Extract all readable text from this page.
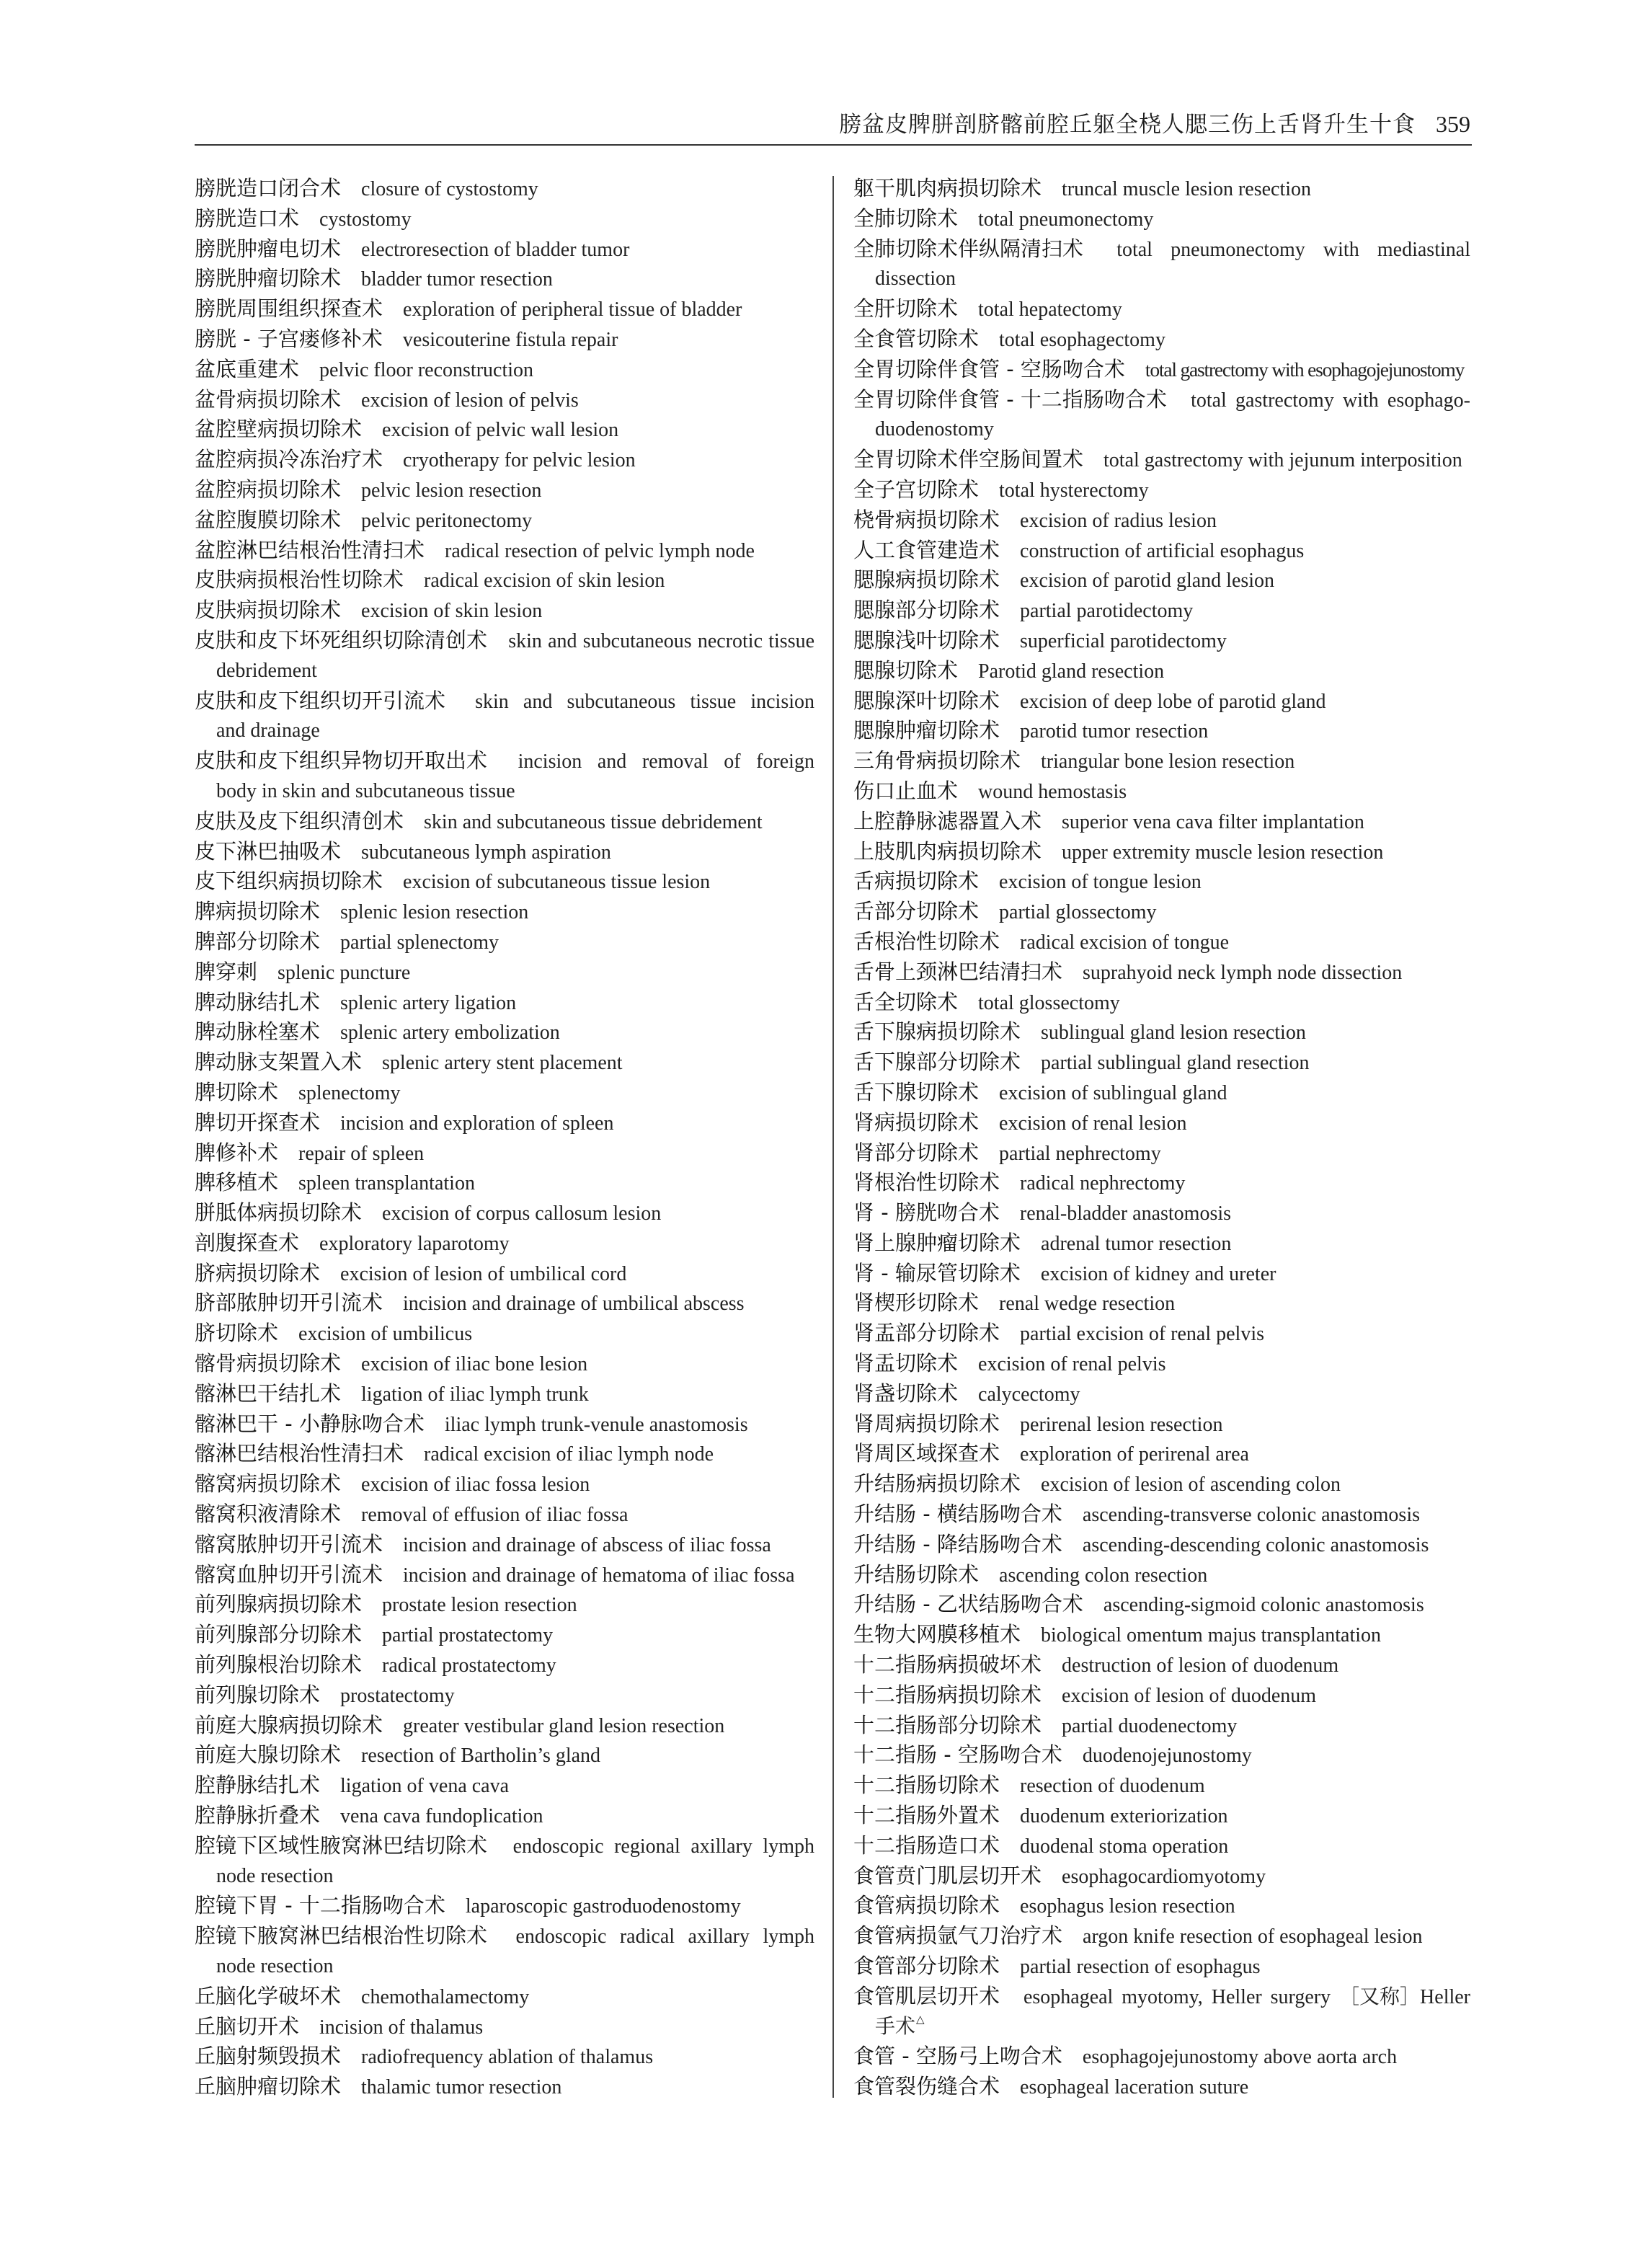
膀盆皮脾胼剖脐髂前腔丘躯全桡人腮三伤上舌肾升生十食 359
膀胱造口闭合术 closure of cystostomy
膀胱造口术 cystostomy
膀胱肿瘤电切术 electroresection of bladder tumor
膀胱肿瘤切除术 bladder tumor resection
膀胱周围组织探查术 exploration of peripheral tissue of bladder
膀胱 - 子宫瘘修补术 vesicouterine fistula repair
盆底重建术 pelvic floor reconstruction
盆骨病损切除术 excision of lesion of pelvis
盆腔壁病损切除术 excision of pelvic wall lesion
盆腔病损冷冻治疗术 cryotherapy for pelvic lesion
盆腔病损切除术 pelvic lesion resection
盆腔腹膜切除术 pelvic peritonectomy
盆腔淋巴结根治性清扫术 radical resection of pelvic lymph node
皮肤病损根治性切除术 radical excision of skin lesion
皮肤病损切除术 excision of skin lesion
皮肤和皮下坏死组织切除清创术 skin and subcutaneous necrotic tissue
debridement
皮肤和皮下组织切开引流术 skin and subcutaneous tissue incision
and drainage
皮肤和皮下组织异物切开取出术 incision and removal of foreign
body in skin and subcutaneous tissue
皮肤及皮下组织清创术 skin and subcutaneous tissue debridement
皮下淋巴抽吸术 subcutaneous lymph aspiration
皮下组织病损切除术 excision of subcutaneous tissue lesion
脾病损切除术 splenic lesion resection
脾部分切除术 partial splenectomy
脾穿刺 splenic puncture
脾动脉结扎术 splenic artery ligation
脾动脉栓塞术 splenic artery embolization
脾动脉支架置入术 splenic artery stent placement
脾切除术 splenectomy
脾切开探查术 incision and exploration of spleen
脾修补术 repair of spleen
脾移植术 spleen transplantation
胼胝体病损切除术 excision of corpus callosum lesion
剖腹探查术 exploratory laparotomy
脐病损切除术 excision of lesion of umbilical cord
脐部脓肿切开引流术 incision and drainage of umbilical abscess
脐切除术 excision of umbilicus
髂骨病损切除术 excision of iliac bone lesion
髂淋巴干结扎术 ligation of iliac lymph trunk
髂淋巴干 - 小静脉吻合术 iliac lymph trunk-venule anastomosis
髂淋巴结根治性清扫术 radical excision of iliac lymph node
髂窝病损切除术 excision of iliac fossa lesion
髂窝积液清除术 removal of effusion of iliac fossa
髂窝脓肿切开引流术 incision and drainage of abscess of iliac fossa
髂窝血肿切开引流术 incision and drainage of hematoma of iliac fossa
前列腺病损切除术 prostate lesion resection
前列腺部分切除术 partial prostatectomy
前列腺根治切除术 radical prostatectomy
前列腺切除术 prostatectomy
前庭大腺病损切除术 greater vestibular gland lesion resection
前庭大腺切除术 resection of Bartholin’s gland
腔静脉结扎术 ligation of vena cava
腔静脉折叠术 vena cava fundoplication
腔镜下区域性腋窝淋巴结切除术 endoscopic regional axillary lymph
node resection
腔镜下胃 - 十二指肠吻合术 laparoscopic gastroduodenostomy
腔镜下腋窝淋巴结根治性切除术 endoscopic radical axillary lymph
node resection
丘脑化学破坏术 chemothalamectomy
丘脑切开术 incision of thalamus
丘脑射频毁损术 radiofrequency ablation of thalamus
丘脑肿瘤切除术 thalamic tumor resection
躯干肌肉病损切除术 truncal muscle lesion resection
全肺切除术 total pneumonectomy
全肺切除术伴纵隔清扫术 total pneumonectomy with mediastinal
dissection
全肝切除术 total hepatectomy
全食管切除术 total esophagectomy
全胃切除伴食管 - 空肠吻合术 total gastrectomy with esophagojejunostomy
全胃切除伴食管 - 十二指肠吻合术 total gastrectomy with esophago-
duodenostomy
全胃切除术伴空肠间置术 total gastrectomy with jejunum interposition
全子宫切除术 total hysterectomy
桡骨病损切除术 excision of radius lesion
人工食管建造术 construction of artificial esophagus
腮腺病损切除术 excision of parotid gland lesion
腮腺部分切除术 partial parotidectomy
腮腺浅叶切除术 superficial parotidectomy
腮腺切除术 Parotid gland resection
腮腺深叶切除术 excision of deep lobe of parotid gland
腮腺肿瘤切除术 parotid tumor resection
三角骨病损切除术 triangular bone lesion resection
伤口止血术 wound hemostasis
上腔静脉滤器置入术 superior vena cava filter implantation
上肢肌肉病损切除术 upper extremity muscle lesion resection
舌病损切除术 excision of tongue lesion
舌部分切除术 partial glossectomy
舌根治性切除术 radical excision of tongue
舌骨上颈淋巴结清扫术 suprahyoid neck lymph node dissection
舌全切除术 total glossectomy
舌下腺病损切除术 sublingual gland lesion resection
舌下腺部分切除术 partial sublingual gland resection
舌下腺切除术 excision of sublingual gland
肾病损切除术 excision of renal lesion
肾部分切除术 partial nephrectomy
肾根治性切除术 radical nephrectomy
肾 - 膀胱吻合术 renal-bladder anastomosis
肾上腺肿瘤切除术 adrenal tumor resection
肾 - 输尿管切除术 excision of kidney and ureter
肾楔形切除术 renal wedge resection
肾盂部分切除术 partial excision of renal pelvis
肾盂切除术 excision of renal pelvis
肾盏切除术 calycectomy
肾周病损切除术 perirenal lesion resection
肾周区域探查术 exploration of perirenal area
升结肠病损切除术 excision of lesion of ascending colon
升结肠 - 横结肠吻合术 ascending-transverse colonic anastomosis
升结肠 - 降结肠吻合术 ascending-descending colonic anastomosis
升结肠切除术 ascending colon resection
升结肠 - 乙状结肠吻合术 ascending-sigmoid colonic anastomosis
生物大网膜移植术 biological omentum majus transplantation
十二指肠病损破坏术 destruction of lesion of duodenum
十二指肠病损切除术 excision of lesion of duodenum
十二指肠部分切除术 partial duodenectomy
十二指肠 - 空肠吻合术 duodenojejunostomy
十二指肠切除术 resection of duodenum
十二指肠外置术 duodenum exteriorization
十二指肠造口术 duodenal stoma operation
食管贲门肌层切开术 esophagocardiomyotomy
食管病损切除术 esophagus lesion resection
食管病损氩气刀治疗术 argon knife resection of esophageal lesion
食管部分切除术 partial resection of esophagus
食管肌层切开术 esophageal myotomy, Heller surgery ［又称］Heller
手术△
食管 - 空肠弓上吻合术 esophagojejunostomy above aorta arch
食管裂伤缝合术 esophageal laceration suture
